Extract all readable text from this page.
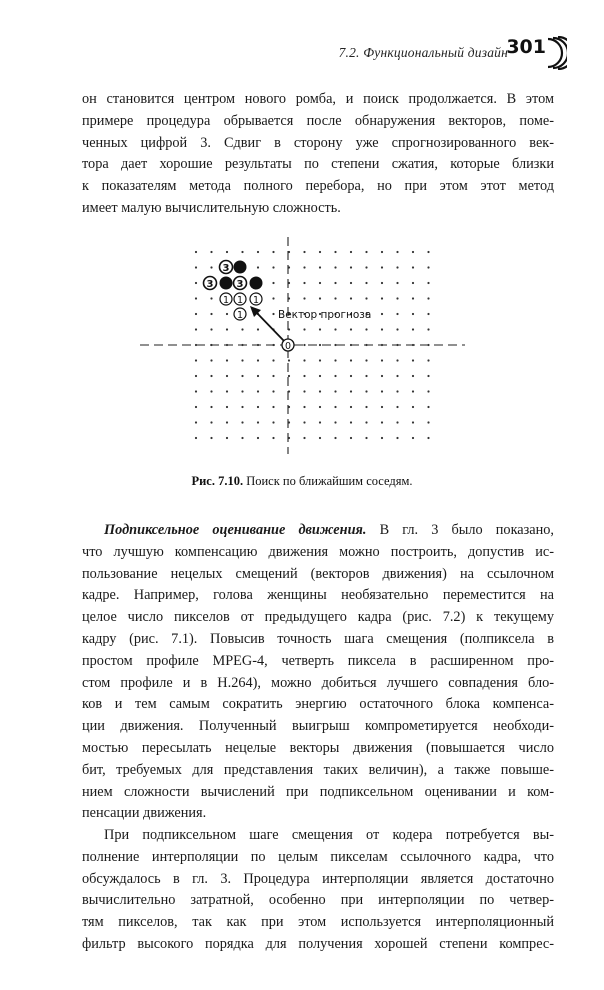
7.2. Функциональный дизайн
301
он становится центром нового ромба, и поиск продолжается. В этом
примере процедура обрывается после обнаружения векторов, поме-
ченных цифрой 3. Сдвиг в сторону уже спрогнозированного век-
тора дает хорошие результаты по степени сжатия, которые близки
к показателям метода полного перебора, но при этом этот метод
имеет малую вычислительную сложность.
3
3 3
1 1 1
1
0
Вектор прогноза
Рис. 7.10. Поиск по ближайшим соседям.
Подпиксельное оценивание движения. В гл. 3 было показано,
что лучшую компенсацию движения можно построить, допустив ис-
пользование нецелых смещений (векторов движения) на ссылочном
кадре. Например, голова женщины необязательно переместится на
целое число пикселов от предыдущего кадра (рис. 7.2) к текущему
кадру (рис. 7.1). Повысив точность шага смещения (полпиксела в
простом профиле MPEG-4, четверть пиксела в расширенном про-
стом профиле и в H.264), можно добиться лучшего совпадения бло-
ков и тем самым сократить энергию остаточного блока компенса-
ции движения. Полученный выигрыш компрометируется необходи-
мостью пересылать нецелые векторы движения (повышается число
бит, требуемых для представления таких величин), а также повыше-
нием сложности вычислений при подпиксельном оценивании и ком-
пенсации движения.
При подпиксельном шаге смещения от кодера потребуется вы-
полнение интерполяции по целым пикселам ссылочного кадра, что
обсуждалось в гл. 3. Процедура интерполяции является достаточно
вычислительно затратной, особенно при интерполяции по четвер-
тям пикселов, так как при этом используется интерполяционный
фильтр высокого порядка для получения хорошей степени компрес-
